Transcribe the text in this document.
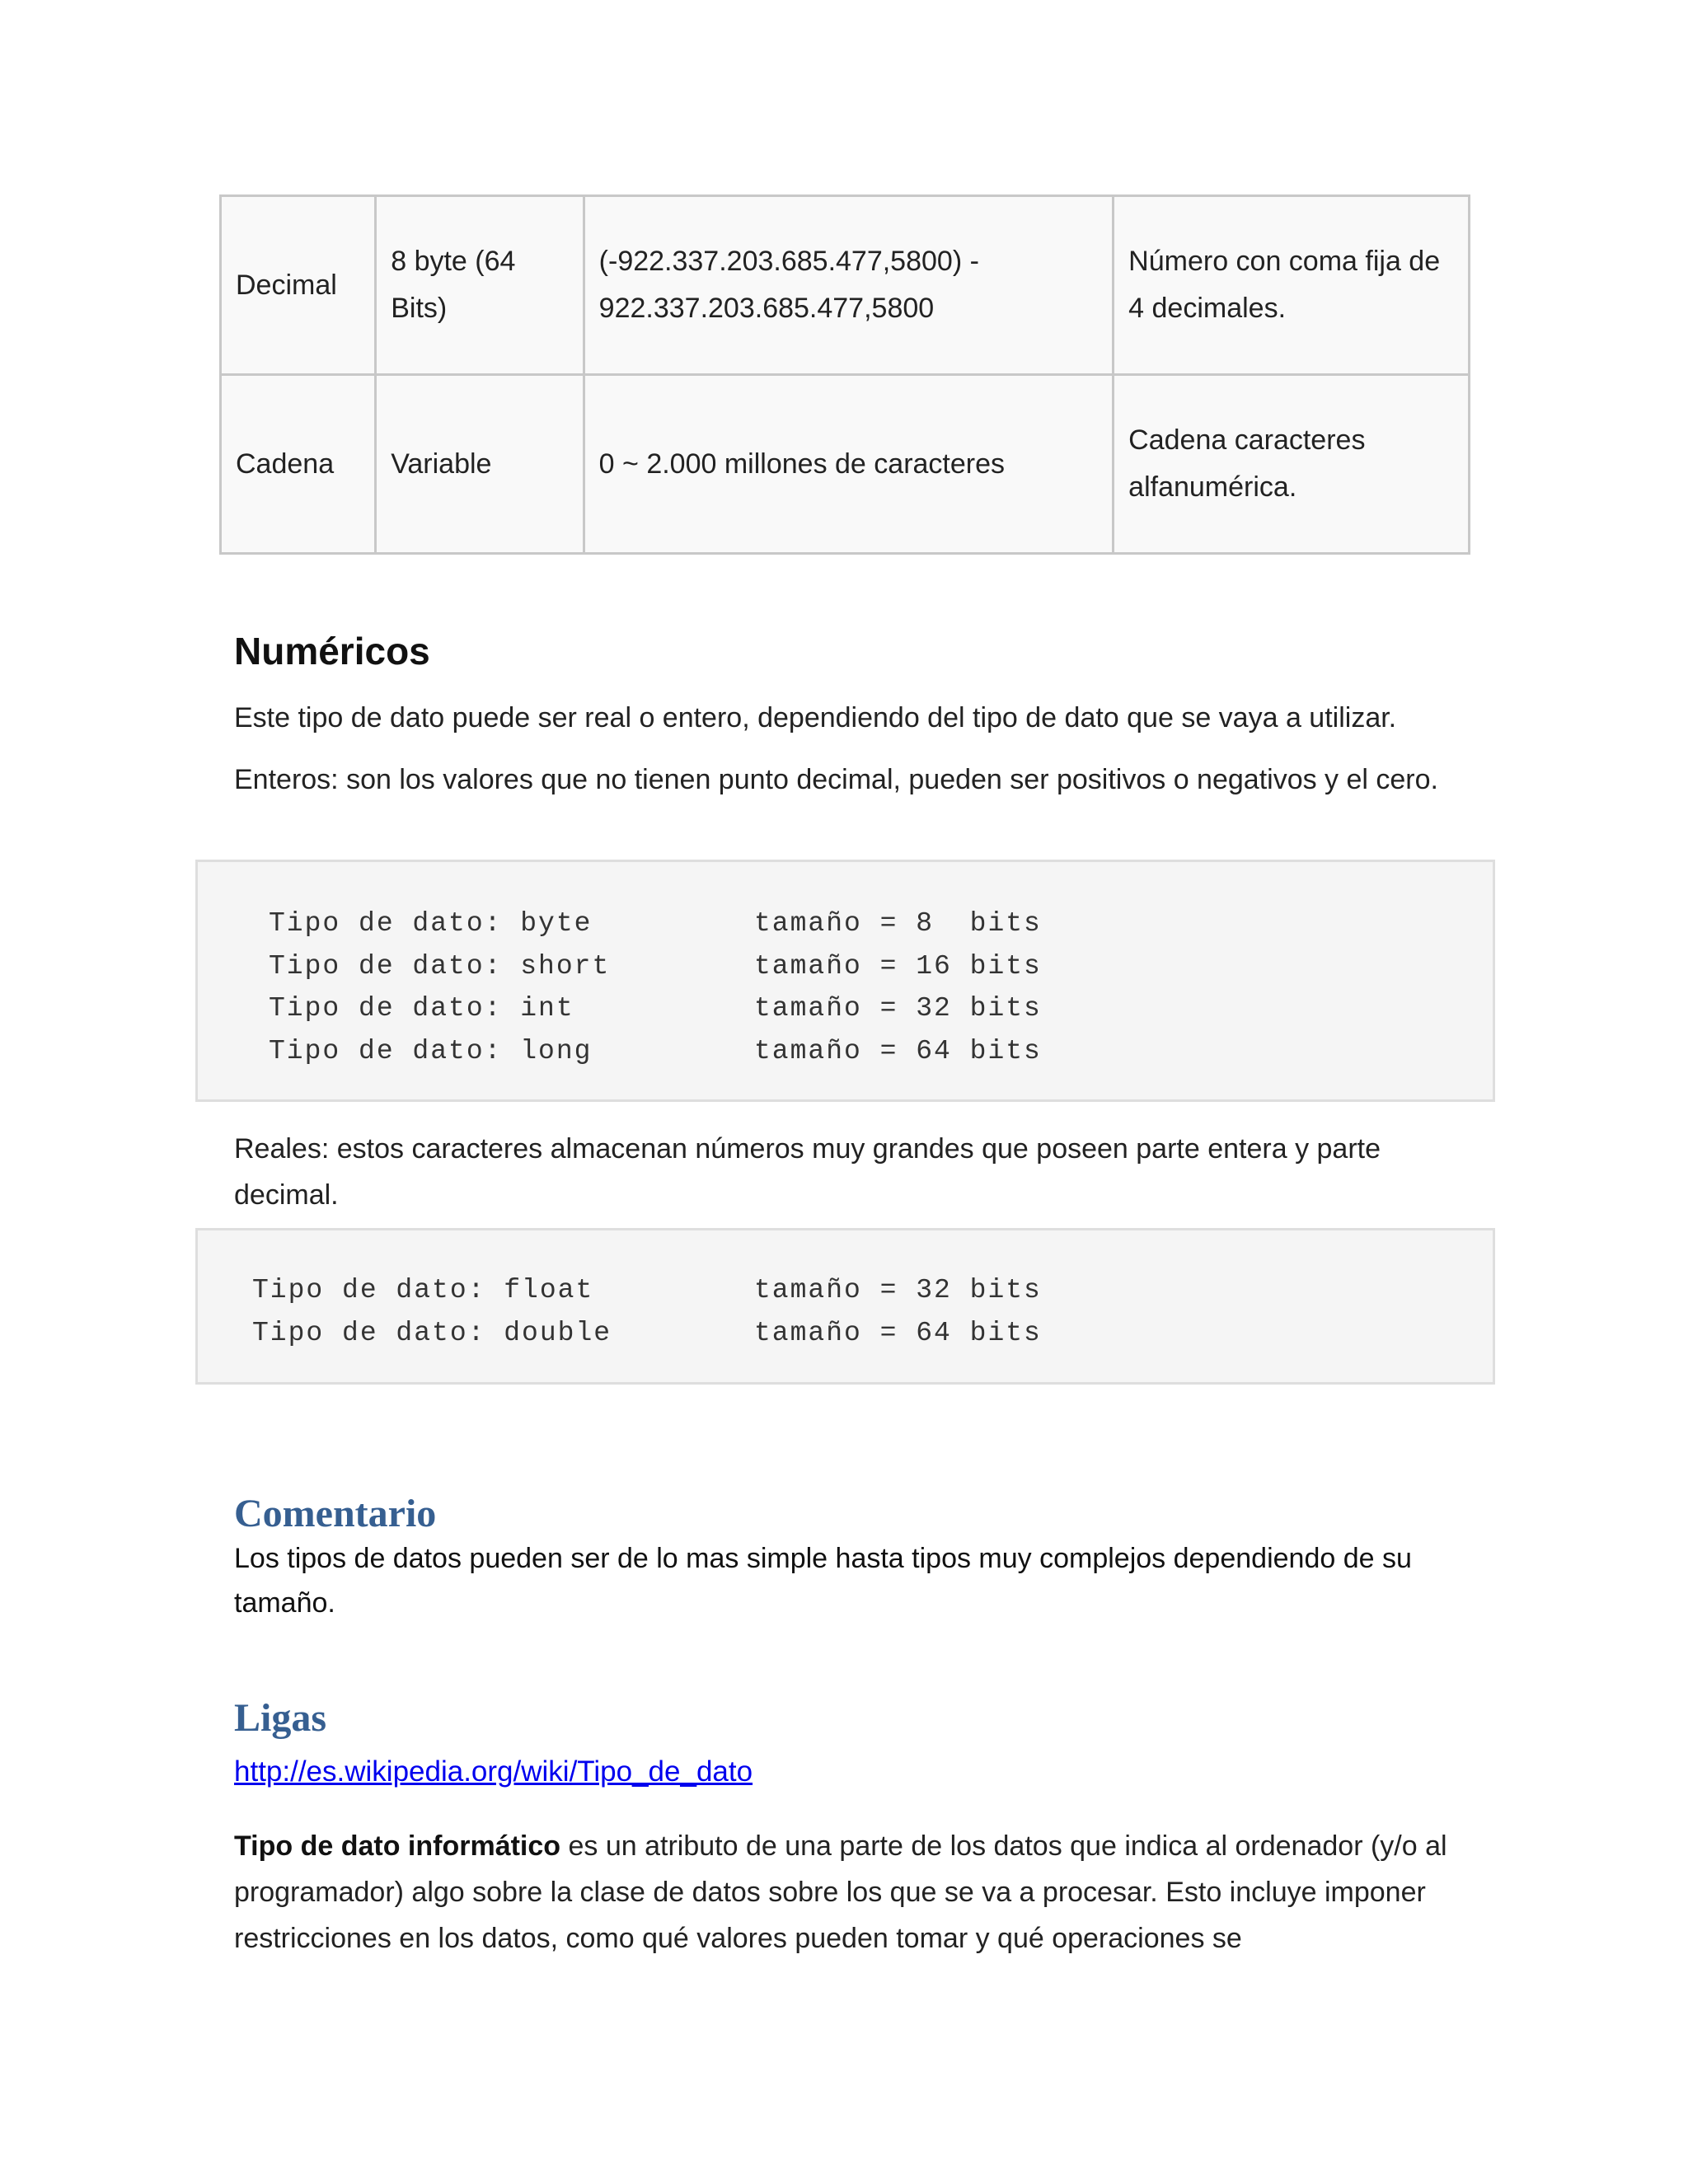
Decimal	8 byte (64 Bits)	(-922.337.203.685.477,5800) - 922.337.203.685.477,5800	Número con coma fija de 4 decimales.
Cadena	Variable	0 ~ 2.000 millones de caracteres	Cadena caracteres alfanumérica.
Numéricos

Este tipo de dato puede ser real o entero, dependiendo del tipo de dato que se vaya a utilizar.

Enteros: son los valores que no tienen punto decimal, pueden ser positivos o negativos y el cero.

Tipo de dato: byte	tamaño = 8  bits
Tipo de dato: short	tamaño = 16 bits
Tipo de dato: int	tamaño = 32 bits
Tipo de dato: long	tamaño = 64 bits

Reales: estos caracteres almacenan números muy grandes que poseen parte entera y parte decimal.

Tipo de dato: float	tamaño = 32 bits
Tipo de dato: double	tamaño = 64 bits
Comentario

Los tipos de datos pueden ser de lo mas simple hasta tipos muy complejos dependiendo de su tamaño.

Ligas
http://es.wikipedia.org/wiki/Tipo_de_dato

Tipo de dato informático es un atributo de una parte de los datos que indica al ordenador (y/o al programador) algo sobre la clase de datos sobre los que se va a procesar. Esto incluye imponer restricciones en los datos, como qué valores pueden tomar y qué operaciones se
